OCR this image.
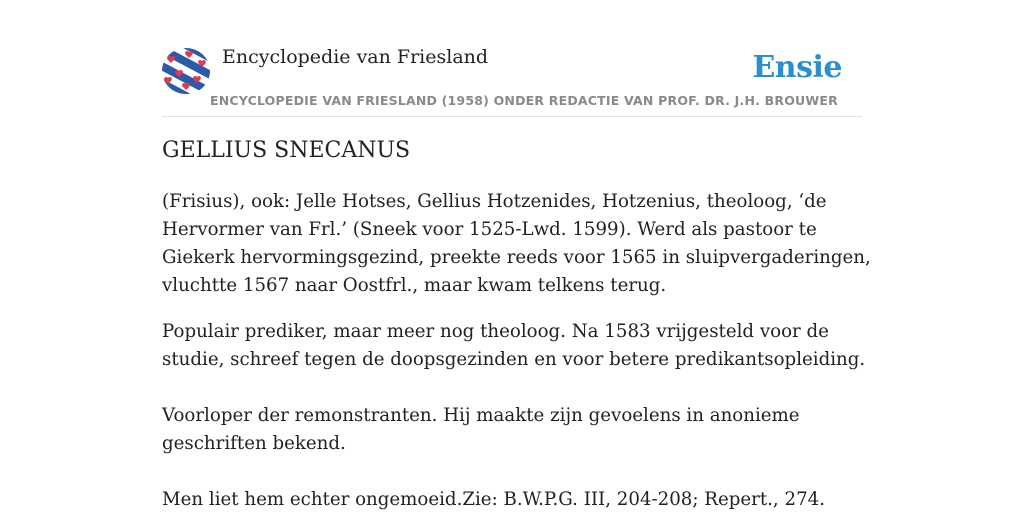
Encyclopedie van Friesland
ENCYCLOPEDIE VAN FRIESLAND (1958) ONDER REDACTIE VAN PROF. DR. J.H. BROUWER
Ensie
GELLIUS SNECANUS

(Frisius), ook: Jelle Hotses, Gellius Hotzenides, Hotzenius, theoloog, ‘de Hervormer van Frl.’ (Sneek voor 1525-Lwd. 1599). Werd als pastoor te Giekerk hervormingsgezind, preekte reeds voor 1565 in sluipvergaderingen, vluchtte 1567 naar Oostfrl., maar kwam telkens terug.

Populair prediker, maar meer nog theoloog. Na 1583 vrijgesteld voor de studie, schreef tegen de doopsgezinden en voor betere predikantsopleiding.

Voorloper der remonstranten. Hij maakte zijn gevoelens in anonieme geschriften bekend.

Men liet hem echter ongemoeid.Zie: B.W.P.G. III, 204-208; Repert., 274.
